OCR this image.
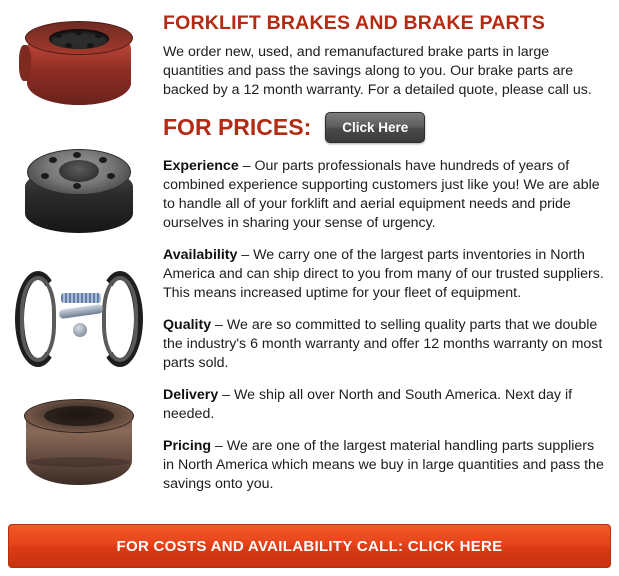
FORKLIFT BRAKES AND BRAKE PARTS

We order new, used, and remanufactured brake parts in large quantities and pass the savings along to you. Our brake parts are backed by a 12 month warranty. For a detailed quote, please call us.

FOR PRICES:	Click Here

Experience – Our parts professionals have hundreds of years of combined experience supporting customers just like you! We are able to handle all of your forklift and aerial equipment needs and pride ourselves in sharing your sense of urgency.

Availability – We carry one of the largest parts inventories in North America and can ship direct to you from many of our trusted suppliers. This means increased uptime for your fleet of equipment.

Quality – We are so committed to selling quality parts that we double the industry's 6 month warranty and offer 12 months warranty on most parts sold.

Delivery – We ship all over North and South America. Next day if needed.

Pricing – We are one of the largest material handling parts suppliers in North America which means we buy in large quantities and pass the savings onto you.

FOR COSTS AND AVAILABILITY CALL: CLICK HERE
